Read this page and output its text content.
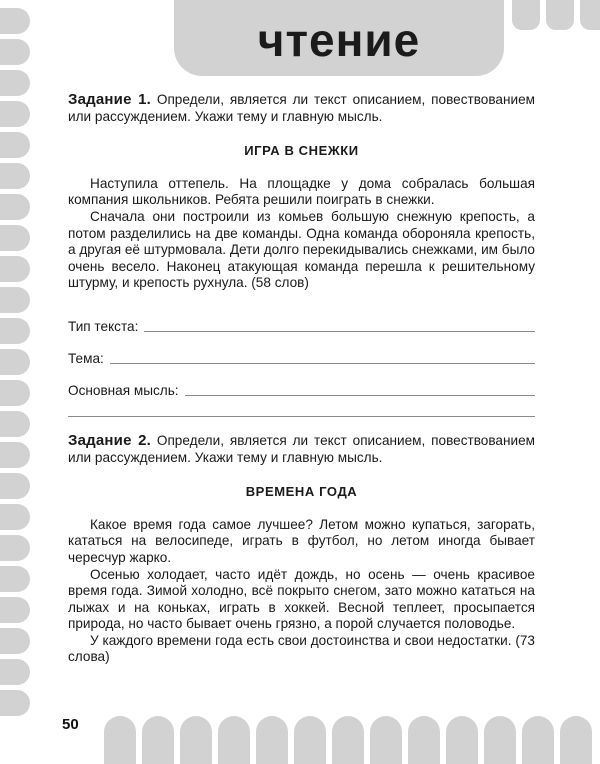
чтение

Задание 1. Определи, является ли текст описанием, повествованием или рассуждением. Укажи тему и главную мысль.

ИГРА В СНЕЖКИ

Наступила оттепель. На площадке у дома собралась большая компания школьников. Ребята решили поиграть в снежки.

Сначала они построили из комьев большую снежную крепость, а потом разделились на две команды. Одна команда обороняла крепость, а другая её штурмовала. Дети долго перекидывались снежками, им было очень весело. Наконец атакующая команда перешла к решительному штурму, и крепость рухнула. (58 слов)

Тип текста:
Тема:
Основная мысль:

Задание 2. Определи, является ли текст описанием, повествованием или рассуждением. Укажи тему и главную мысль.

ВРЕМЕНА ГОДА

Какое время года самое лучшее? Летом можно купаться, загорать, кататься на велосипеде, играть в футбол, но летом иногда бывает чересчур жарко.

Осенью холодает, часто идёт дождь, но осень — очень красивое время года. Зимой холодно, всё покрыто снегом, зато можно кататься на лыжах и на коньках, играть в хоккей. Весной теплеет, просыпается природа, но часто бывает очень грязно, а порой случается половодье.

У каждого времени года есть свои достоинства и свои недостатки. (73 слова)

50
